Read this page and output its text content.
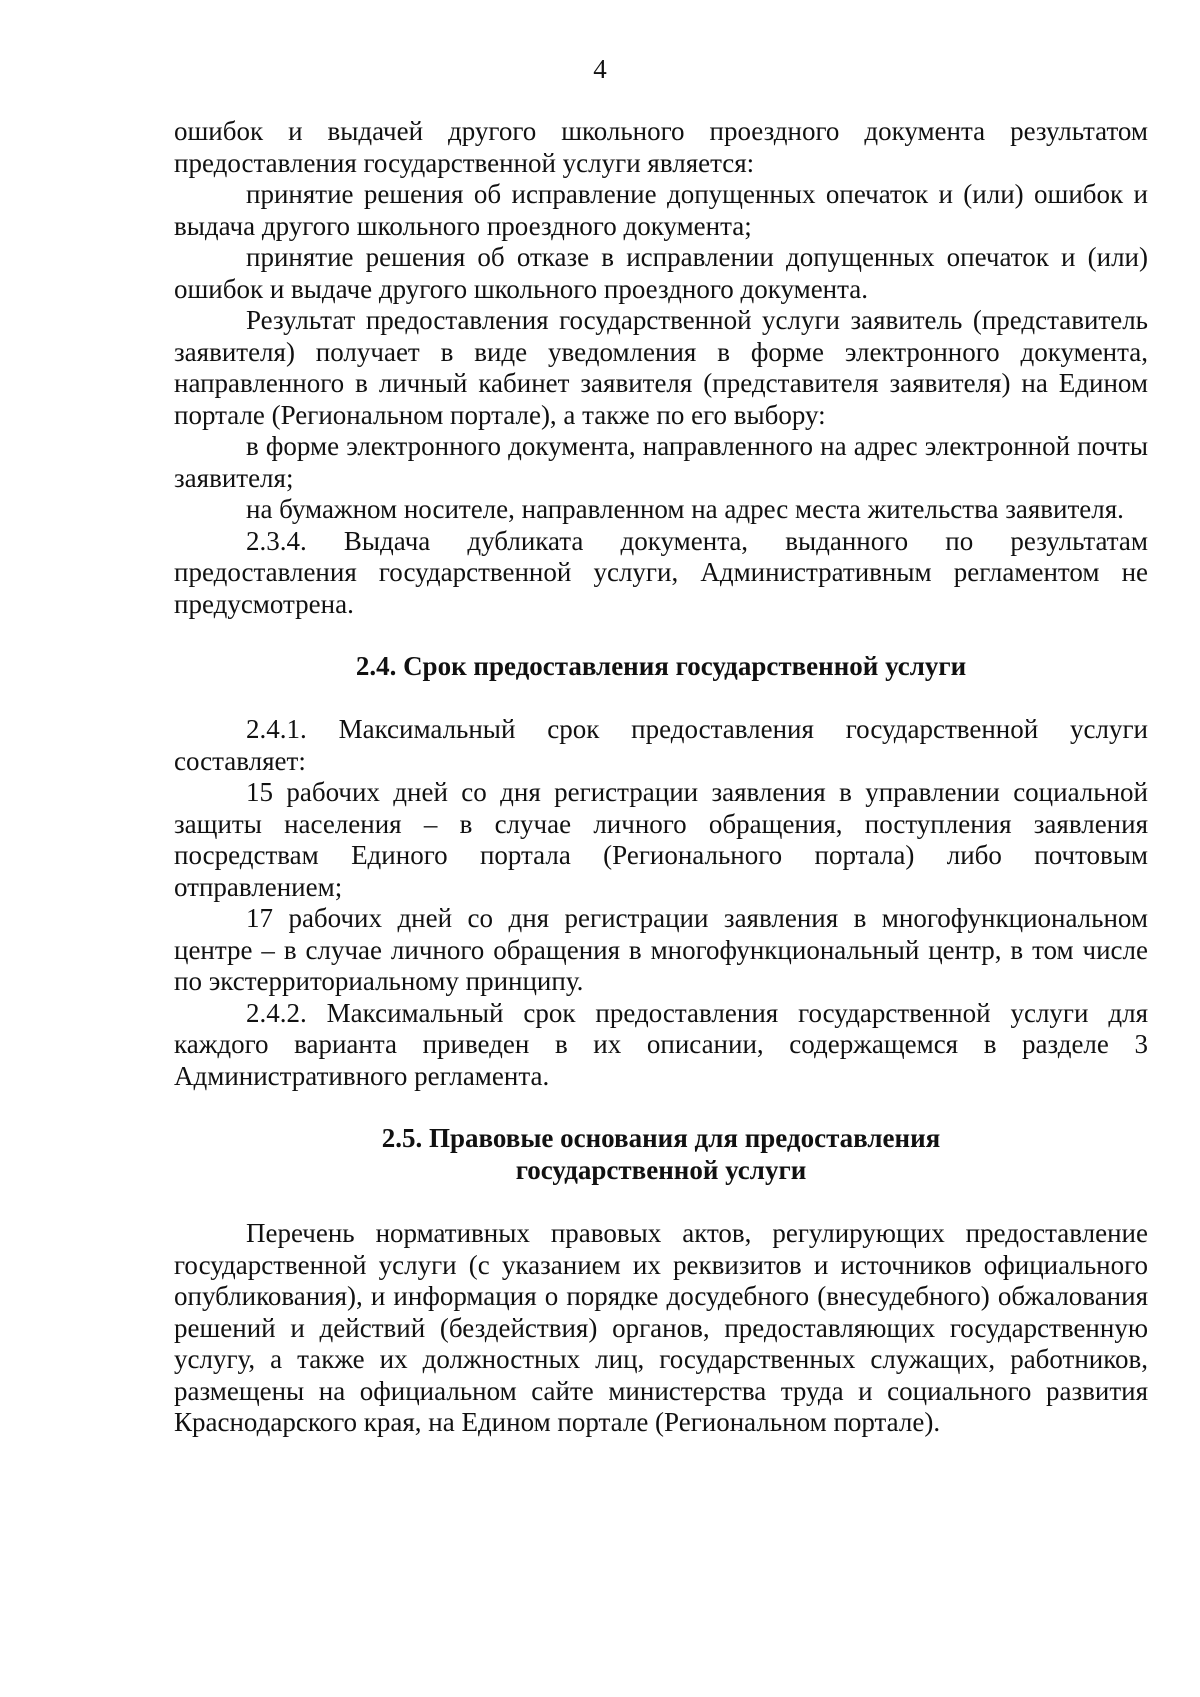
4

ошибок и выдачей другого школьного проездного документа результатом предоставления государственной услуги является:

принятие решения об исправление допущенных опечаток и (или) ошибок и выдача другого школьного проездного документа;

принятие решения об отказе в исправлении допущенных опечаток и (или) ошибок и выдаче другого школьного проездного документа.

Результат предоставления государственной услуги заявитель (представитель заявителя) получает в виде уведомления в форме электронного документа, направленного в личный кабинет заявителя (представителя заявителя) на Едином портале (Региональном портале), а также по его выбору:

в форме электронного документа, направленного на адрес электронной почты заявителя;

на бумажном носителе, направленном на адрес места жительства заявителя.

2.3.4. Выдача дубликата документа, выданного по результатам предоставления государственной услуги, Административным регламентом не предусмотрена.

2.4. Срок предоставления государственной услуги

2.4.1. Максимальный срок предоставления государственной услуги составляет:

15 рабочих дней со дня регистрации заявления в управлении социальной защиты населения – в случае личного обращения, поступления заявления посредствам Единого портала (Регионального портала) либо почтовым отправлением;

17 рабочих дней со дня регистрации заявления в многофункциональном центре – в случае личного обращения в многофункциональный центр, в том числе по экстерриториальному принципу.

2.4.2. Максимальный срок предоставления государственной услуги для каждого варианта приведен в их описании, содержащемся в разделе 3 Административного регламента.

2.5. Правовые основания для предоставления
государственной услуги

Перечень нормативных правовых актов, регулирующих предоставление государственной услуги (с указанием их реквизитов и источников официального опубликования), и информация о порядке досудебного (внесудебного) обжалования решений и действий (бездействия) органов, предоставляющих государственную услугу, а также их должностных лиц, государственных служащих, работников, размещены на официальном сайте министерства труда и социального развития Краснодарского края, на Едином портале (Региональном портале).
